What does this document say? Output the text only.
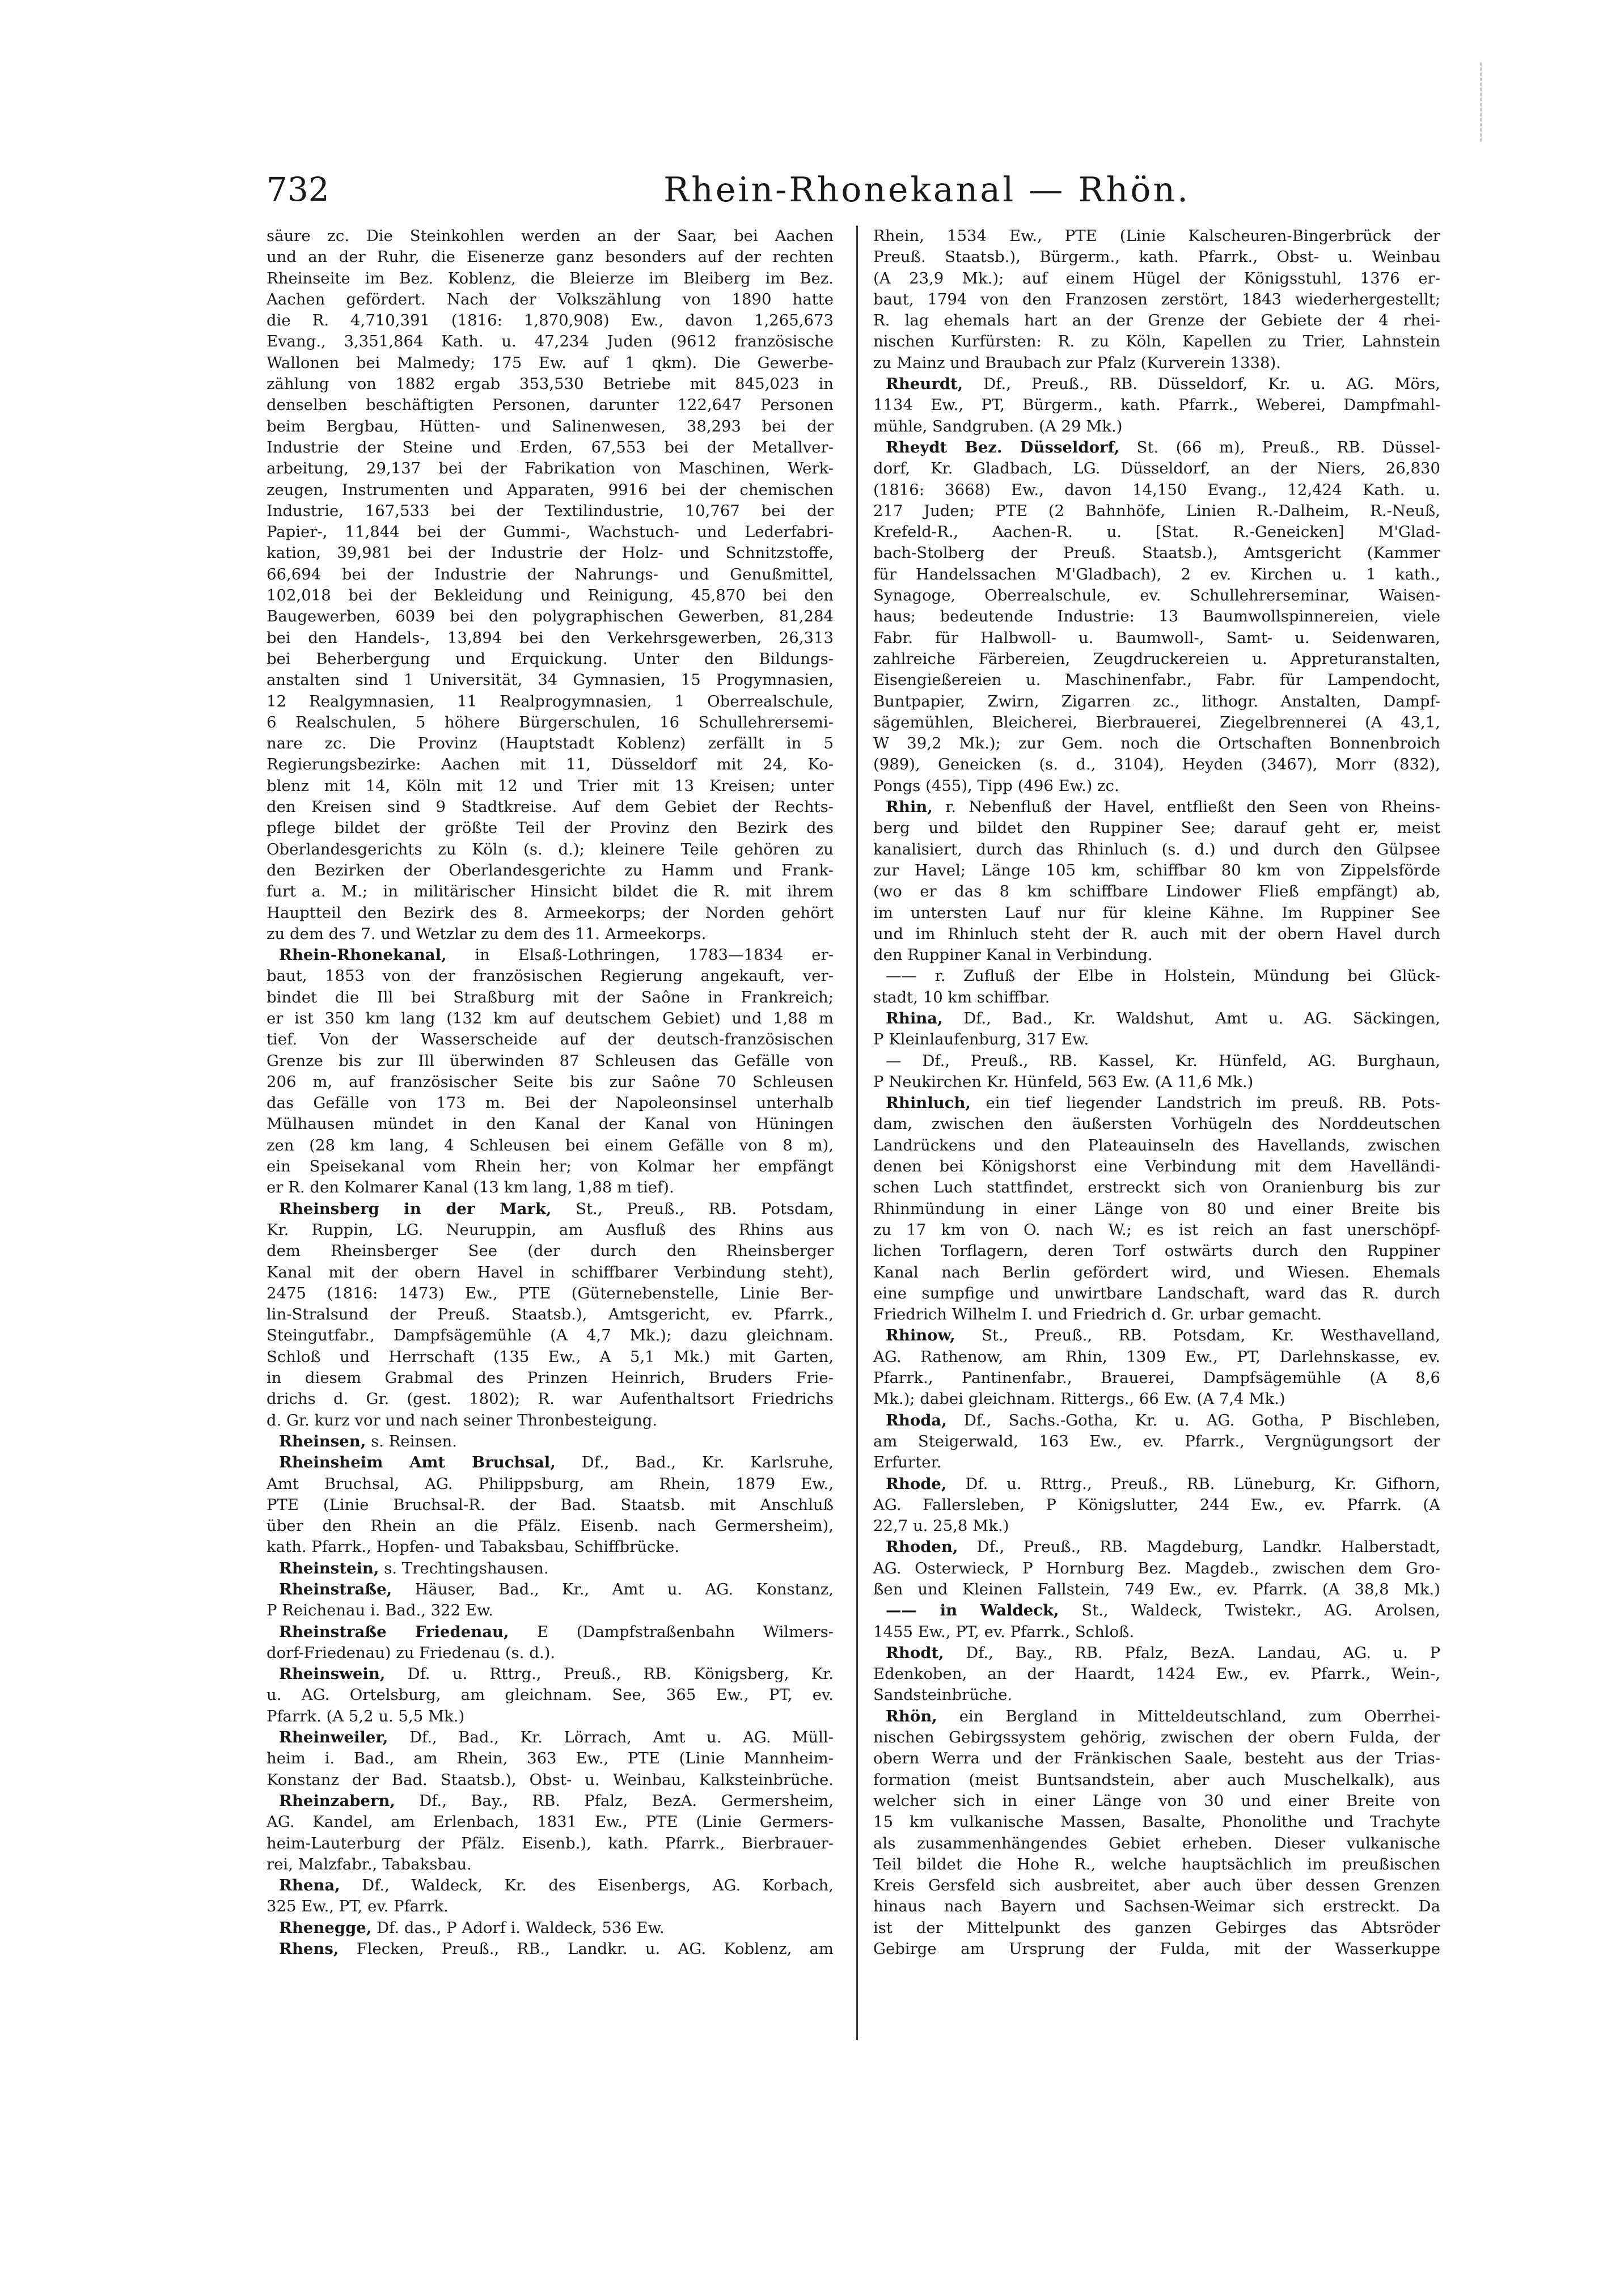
732	Rhein-Rhonekanal — Rhön.
säure zc. Die Steinkohlen werden an der Saar, bei Aachen
und an der Ruhr, die Eisenerze ganz besonders auf der rechten
Rheinseite im Bez. Koblenz, die Bleierze im Bleiberg im Bez.
Aachen gefördert. Nach der Volkszählung von 1890 hatte
die R. 4,710,391 (1816: 1,870,908) Ew., davon 1,265,673
Evang., 3,351,864 Kath. u. 47,234 Juden (9612 französische
Wallonen bei Malmedy; 175 Ew. auf 1 qkm). Die Gewerbe-
zählung von 1882 ergab 353,530 Betriebe mit 845,023 in
denselben beschäftigten Personen, darunter 122,647 Personen
beim Bergbau, Hütten- und Salinenwesen, 38,293 bei der
Industrie der Steine und Erden, 67,553 bei der Metallver-
arbeitung, 29,137 bei der Fabrikation von Maschinen, Werk-
zeugen, Instrumenten und Apparaten, 9916 bei der chemischen
Industrie, 167,533 bei der Textilindustrie, 10,767 bei der
Papier-, 11,844 bei der Gummi-, Wachstuch- und Lederfabri-
kation, 39,981 bei der Industrie der Holz- und Schnitzstoffe,
66,694 bei der Industrie der Nahrungs- und Genußmittel,
102,018 bei der Bekleidung und Reinigung, 45,870 bei den
Baugewerben, 6039 bei den polygraphischen Gewerben, 81,284
bei den Handels-, 13,894 bei den Verkehrsgewerben, 26,313
bei Beherbergung und Erquickung. Unter den Bildungs-
anstalten sind 1 Universität, 34 Gymnasien, 15 Progymnasien,
12 Realgymnasien, 11 Realprogymnasien, 1 Oberrealschule,
6 Realschulen, 5 höhere Bürgerschulen, 16 Schullehrersemi-
nare zc. Die Provinz (Hauptstadt Koblenz) zerfällt in 5
Regierungsbezirke: Aachen mit 11, Düsseldorf mit 24, Ko-
blenz mit 14, Köln mit 12 und Trier mit 13 Kreisen; unter
den Kreisen sind 9 Stadtkreise. Auf dem Gebiet der Rechts-
pflege bildet der größte Teil der Provinz den Bezirk des
Oberlandesgerichts zu Köln (s. d.); kleinere Teile gehören zu
den Bezirken der Oberlandesgerichte zu Hamm und Frank-
furt a. M.; in militärischer Hinsicht bildet die R. mit ihrem
Hauptteil den Bezirk des 8. Armeekorps; der Norden gehört
zu dem des 7. und Wetzlar zu dem des 11. Armeekorps.
Rhein-Rhonekanal, in Elsaß-Lothringen, 1783—1834 er-
baut, 1853 von der französischen Regierung angekauft, ver-
bindet die Ill bei Straßburg mit der Saône in Frankreich;
er ist 350 km lang (132 km auf deutschem Gebiet) und 1,88 m
tief. Von der Wasserscheide auf der deutsch-französischen
Grenze bis zur Ill überwinden 87 Schleusen das Gefälle von
206 m, auf französischer Seite bis zur Saône 70 Schleusen
das Gefälle von 173 m. Bei der Napoleonsinsel unterhalb
Mülhausen mündet in den Kanal der Kanal von Hüningen
zen (28 km lang, 4 Schleusen bei einem Gefälle von 8 m),
ein Speisekanal vom Rhein her; von Kolmar her empfängt
er R. den Kolmarer Kanal (13 km lang, 1,88 m tief).
Rheinsberg in der Mark, St., Preuß., RB. Potsdam,
Kr. Ruppin, LG. Neuruppin, am Ausfluß des Rhins aus
dem Rheinsberger See (der durch den Rheinsberger
Kanal mit der obern Havel in schiffbarer Verbindung steht),
2475 (1816: 1473) Ew., PTE (Güternebenstelle, Linie Ber-
lin-Stralsund der Preuß. Staatsb.), Amtsgericht, ev. Pfarrk.,
Steingutfabr., Dampfsägemühle (A 4,7 Mk.); dazu gleichnam.
Schloß und Herrschaft (135 Ew., A 5,1 Mk.) mit Garten,
in diesem Grabmal des Prinzen Heinrich, Bruders Frie-
drichs d. Gr. (gest. 1802); R. war Aufenthaltsort Friedrichs
d. Gr. kurz vor und nach seiner Thronbesteigung.
Rheinsen, s. Reinsen.
Rheinsheim Amt Bruchsal, Df., Bad., Kr. Karlsruhe,
Amt Bruchsal, AG. Philippsburg, am Rhein, 1879 Ew.,
PTE (Linie Bruchsal-R. der Bad. Staatsb. mit Anschluß
über den Rhein an die Pfälz. Eisenb. nach Germersheim),
kath. Pfarrk., Hopfen- und Tabaksbau, Schiffbrücke.
Rheinstein, s. Trechtingshausen.
Rheinstraße, Häuser, Bad., Kr., Amt u. AG. Konstanz,
P Reichenau i. Bad., 322 Ew.
Rheinstraße Friedenau, E (Dampfstraßenbahn Wilmers-
dorf-Friedenau) zu Friedenau (s. d.).
Rheinswein, Df. u. Rttrg., Preuß., RB. Königsberg, Kr.
u. AG. Ortelsburg, am gleichnam. See, 365 Ew., PT, ev.
Pfarrk. (A 5,2 u. 5,5 Mk.)
Rheinweiler, Df., Bad., Kr. Lörrach, Amt u. AG. Müll-
heim i. Bad., am Rhein, 363 Ew., PTE (Linie Mannheim-
Konstanz der Bad. Staatsb.), Obst- u. Weinbau, Kalksteinbrüche.
Rheinzabern, Df., Bay., RB. Pfalz, BezA. Germersheim,
AG. Kandel, am Erlenbach, 1831 Ew., PTE (Linie Germers-
heim-Lauterburg der Pfälz. Eisenb.), kath. Pfarrk., Bierbrauer-
rei, Malzfabr., Tabaksbau.
Rhena, Df., Waldeck, Kr. des Eisenbergs, AG. Korbach,
325 Ew., PT, ev. Pfarrk.
Rhenegge, Df. das., P Adorf i. Waldeck, 536 Ew.
Rhens, Flecken, Preuß., RB., Landkr. u. AG. Koblenz, am
Rhein, 1534 Ew., PTE (Linie Kalscheuren-Bingerbrück der
Preuß. Staatsb.), Bürgerm., kath. Pfarrk., Obst- u. Weinbau
(A 23,9 Mk.); auf einem Hügel der Königsstuhl, 1376 er-
baut, 1794 von den Franzosen zerstört, 1843 wiederhergestellt;
R. lag ehemals hart an der Grenze der Gebiete der 4 rhei-
nischen Kurfürsten: R. zu Köln, Kapellen zu Trier, Lahnstein
zu Mainz und Braubach zur Pfalz (Kurverein 1338).
Rheurdt, Df., Preuß., RB. Düsseldorf, Kr. u. AG. Mörs,
1134 Ew., PT, Bürgerm., kath. Pfarrk., Weberei, Dampfmahl-
mühle, Sandgruben. (A 29 Mk.)
Rheydt Bez. Düsseldorf, St. (66 m), Preuß., RB. Düssel-
dorf, Kr. Gladbach, LG. Düsseldorf, an der Niers, 26,830
(1816: 3668) Ew., davon 14,150 Evang., 12,424 Kath. u.
217 Juden; PTE (2 Bahnhöfe, Linien R.-Dalheim, R.-Neuß,
Krefeld-R., Aachen-R. u. [Stat. R.-Geneicken] M'Glad-
bach-Stolberg der Preuß. Staatsb.), Amtsgericht (Kammer
für Handelssachen M'Gladbach), 2 ev. Kirchen u. 1 kath.,
Synagoge, Oberrealschule, ev. Schullehrerseminar, Waisen-
haus; bedeutende Industrie: 13 Baumwollspinnereien, viele
Fabr. für Halbwoll- u. Baumwoll-, Samt- u. Seidenwaren,
zahlreiche Färbereien, Zeugdruckereien u. Appreturanstalten,
Eisengießereien u. Maschinenfabr., Fabr. für Lampendocht,
Buntpapier, Zwirn, Zigarren zc., lithogr. Anstalten, Dampf-
sägemühlen, Bleicherei, Bierbrauerei, Ziegelbrennerei (A 43,1,
W 39,2 Mk.); zur Gem. noch die Ortschaften Bonnenbroich
(989), Geneicken (s. d., 3104), Heyden (3467), Morr (832),
Pongs (455), Tipp (496 Ew.) zc.
Rhin, r. Nebenfluß der Havel, entfließt den Seen von Rheins-
berg und bildet den Ruppiner See; darauf geht er, meist
kanalisiert, durch das Rhinluch (s. d.) und durch den Gülpsee
zur Havel; Länge 105 km, schiffbar 80 km von Zippelsförde
(wo er das 8 km schiffbare Lindower Fließ empfängt) ab,
im untersten Lauf nur für kleine Kähne. Im Ruppiner See
und im Rhinluch steht der R. auch mit der obern Havel durch
den Ruppiner Kanal in Verbindung.
—— r. Zufluß der Elbe in Holstein, Mündung bei Glück-
stadt, 10 km schiffbar.
Rhina, Df., Bad., Kr. Waldshut, Amt u. AG. Säckingen,
P Kleinlaufenburg, 317 Ew.
— Df., Preuß., RB. Kassel, Kr. Hünfeld, AG. Burghaun,
P Neukirchen Kr. Hünfeld, 563 Ew. (A 11,6 Mk.)
Rhinluch, ein tief liegender Landstrich im preuß. RB. Pots-
dam, zwischen den äußersten Vorhügeln des Norddeutschen
Landrückens und den Plateauinseln des Havellands, zwischen
denen bei Königshorst eine Verbindung mit dem Havelländi-
schen Luch stattfindet, erstreckt sich von Oranienburg bis zur
Rhinmündung in einer Länge von 80 und einer Breite bis
zu 17 km von O. nach W.; es ist reich an fast unerschöpf-
lichen Torflagern, deren Torf ostwärts durch den Ruppiner
Kanal nach Berlin gefördert wird, und Wiesen. Ehemals
eine sumpfige und unwirtbare Landschaft, ward das R. durch
Friedrich Wilhelm I. und Friedrich d. Gr. urbar gemacht.
Rhinow, St., Preuß., RB. Potsdam, Kr. Westhavelland,
AG. Rathenow, am Rhin, 1309 Ew., PT, Darlehnskasse, ev.
Pfarrk., Pantinenfabr., Brauerei, Dampfsägemühle (A 8,6
Mk.); dabei gleichnam. Rittergs., 66 Ew. (A 7,4 Mk.)
Rhoda, Df., Sachs.-Gotha, Kr. u. AG. Gotha, P Bischleben,
am Steigerwald, 163 Ew., ev. Pfarrk., Vergnügungsort der
Erfurter.
Rhode, Df. u. Rttrg., Preuß., RB. Lüneburg, Kr. Gifhorn,
AG. Fallersleben, P Königslutter, 244 Ew., ev. Pfarrk. (A
22,7 u. 25,8 Mk.)
Rhoden, Df., Preuß., RB. Magdeburg, Landkr. Halberstadt,
AG. Osterwieck, P Hornburg Bez. Magdeb., zwischen dem Gro-
ßen und Kleinen Fallstein, 749 Ew., ev. Pfarrk. (A 38,8 Mk.)
—— in Waldeck, St., Waldeck, Twistekr., AG. Arolsen,
1455 Ew., PT, ev. Pfarrk., Schloß.
Rhodt, Df., Bay., RB. Pfalz, BezA. Landau, AG. u. P
Edenkoben, an der Haardt, 1424 Ew., ev. Pfarrk., Wein-,
Sandsteinbrüche.
Rhön, ein Bergland in Mitteldeutschland, zum Oberrhei-
nischen Gebirgssystem gehörig, zwischen der obern Fulda, der
obern Werra und der Fränkischen Saale, besteht aus der Trias-
formation (meist Buntsandstein, aber auch Muschelkalk), aus
welcher sich in einer Länge von 30 und einer Breite von
15 km vulkanische Massen, Basalte, Phonolithe und Trachyte
als zusammenhängendes Gebiet erheben. Dieser vulkanische
Teil bildet die Hohe R., welche hauptsächlich im preußischen
Kreis Gersfeld sich ausbreitet, aber auch über dessen Grenzen
hinaus nach Bayern und Sachsen-Weimar sich erstreckt. Da
ist der Mittelpunkt des ganzen Gebirges das Abtsröder
Gebirge am Ursprung der Fulda, mit der Wasserkuppe
